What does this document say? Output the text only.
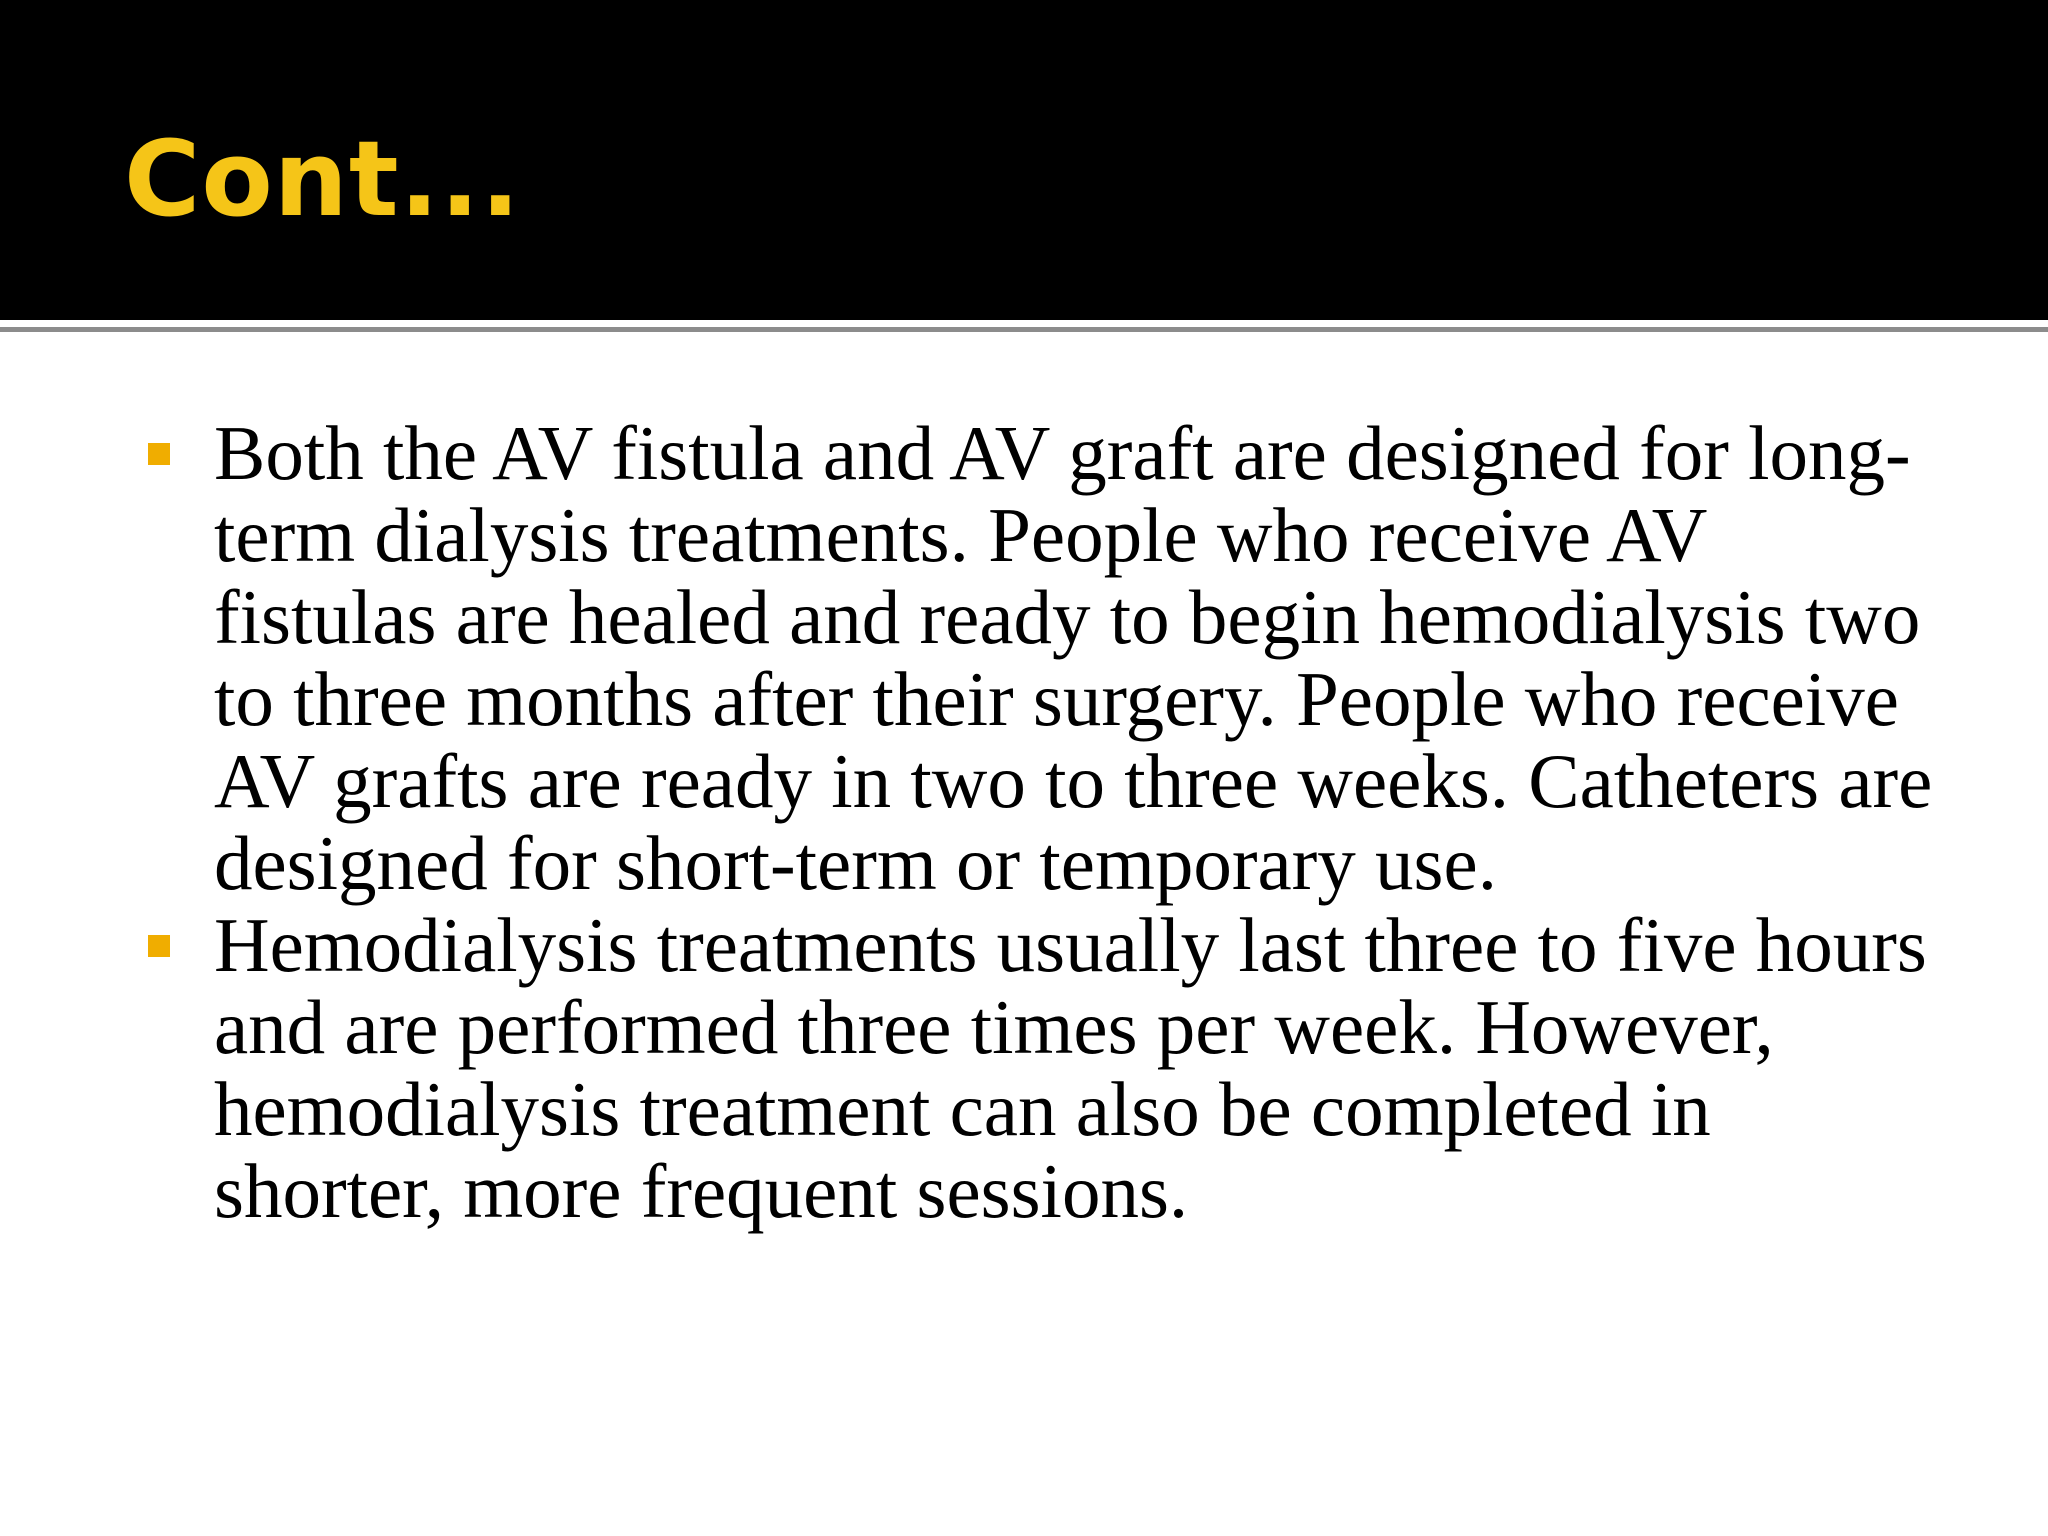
Cont...
Both the AV fistula and AV graft are designed for long-term dialysis treatments. People who receive AV fistulas are healed and ready to begin hemodialysis two to three months after their surgery. People who receive AV grafts are ready in two to three weeks. Catheters are designed for short-term or temporary use.
Hemodialysis treatments usually last three to five hours and are performed three times per week. However, hemodialysis treatment can also be completed in shorter, more frequent sessions.
